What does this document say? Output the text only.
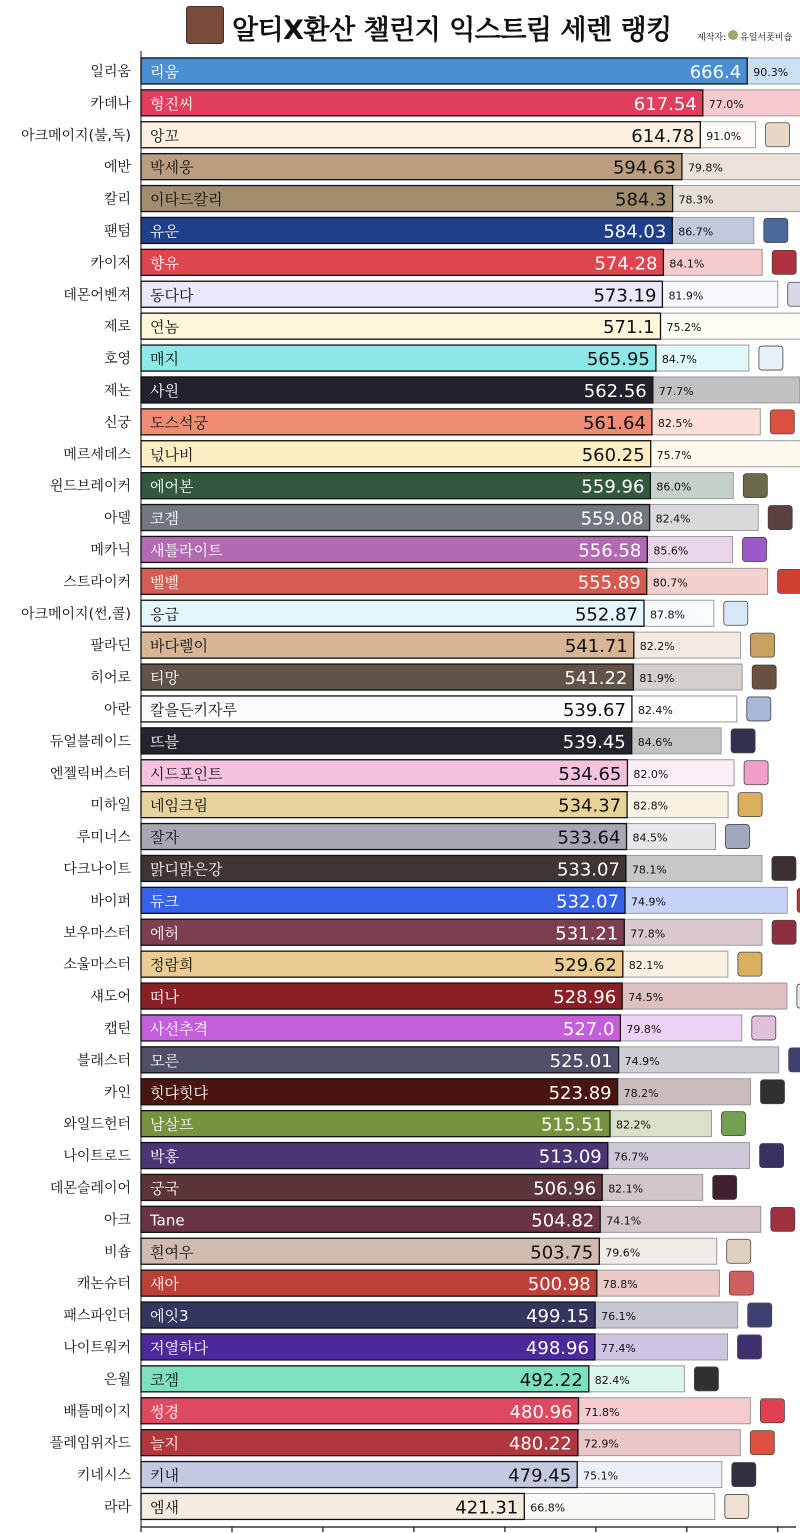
알티X환산 챌린지 익스트림 세렌 랭킹	제작자: 유일서폿비숍
일리움 리움	666.4 90.3%
카데나 형진씨	617.54 77.0%
아크메이지(불,독) 앙꼬	614.78 91.0%
에반 박세웅	594.63 79.8%
칼리 이타드칼리	584.3 78.3%
팬텀 유운	584.03 86.7%
카이저 향유	574.28 84.1%
데몬어벤져 동다다	573.19 81.9%
제로 연놈	571.1 75.2%
호영 매지	565.95 84.7%
제논 사원	562.56 77.7%
신궁 도스석궁	561.64 82.5%
메르세데스 넋나비	560.25 75.7%
윈드브레이커 에어본	559.96 86.0%
아델 코겜	559.08 82.4%
메카닉 새틀라이트	556.58 85.6%
스트라이커 벨벨	555.89 80.7%
아크메이지(썬,콜) 응급	552.87 87.8%
팔라딘 바다렐이	541.71 82.2%
히어로 티망	541.22 81.9%
아란 칼을든키자루	539.67 82.4%
듀얼블레이드 뜨블	539.45 84.6%
엔젤릭버스터 시드포인트	534.65 82.0%
미하일 네임크림	534.37 82.8%
루미너스 잘자	533.64 84.5%
다크나이트 맑디맑은강	533.07 78.1%
바이퍼 듀크	532.07 74.9%
보우마스터 에허	531.21 77.8%
소울마스터 정람희	529.62 82.1%
섀도어 떠나	528.96 74.5%
캡틴 사선추격	527.0 79.8%
블래스터 모른	525.01 74.9%
카인 힛댜힛댜	523.89 78.2%
와일드헌터 남살프	515.51 82.2%
나이트로드 박홍	513.09 76.7%
데몬슬레이어 궁국	506.96 82.1%
아크 Tane	504.82 74.1%
비숍 흰여우	503.75 79.6%
캐논슈터 새아	500.98 78.8%
패스파인더 에잇3	499.15 76.1%
나이트워커 저열하다	498.96 77.4%
은월 코겜	492.22 82.4%
배틀메이지 썽경	480.96 71.8%
플레임위자드 늘지	480.22 72.9%
키네시스 키내	479.45 75.1%
라라 엠새	421.31 66.8%
